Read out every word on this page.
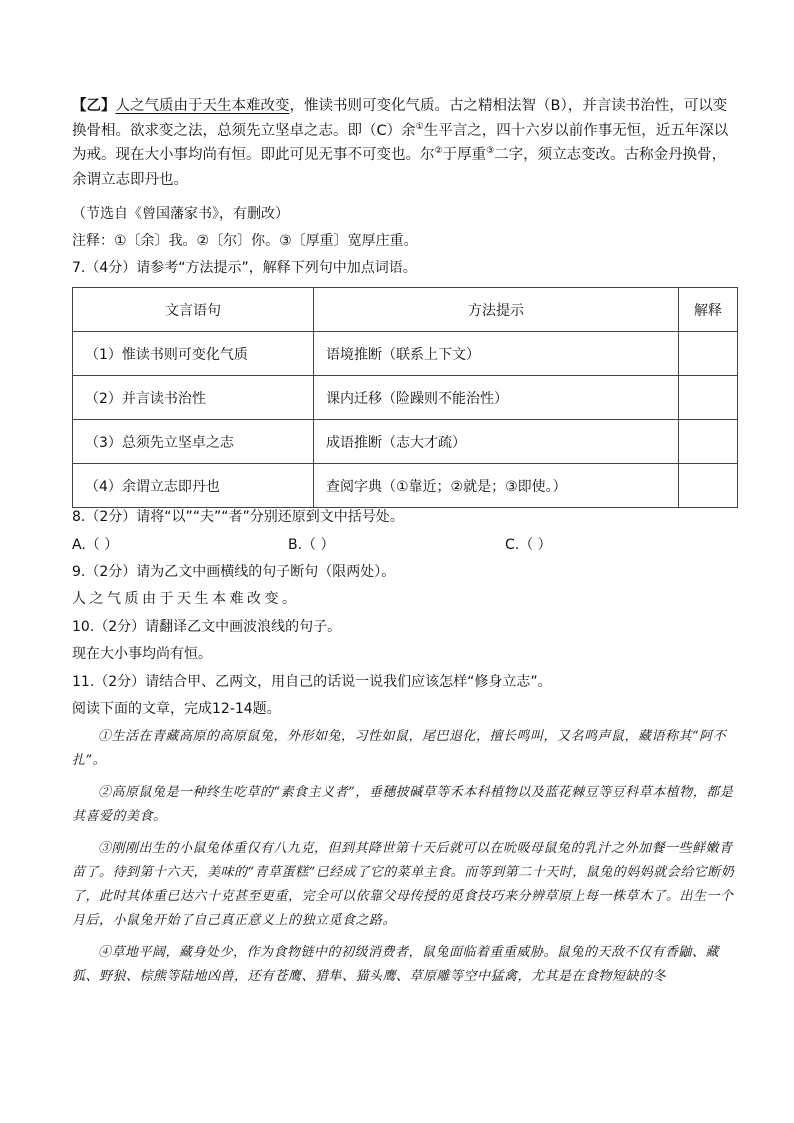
【乙】人之气质由于天生本难改变，惟读书则可变化气质。古之精相法智（B），并言读书治性，可以变换骨相。欲求变之法，总须先立坚卓之志。即（C）余①生平言之，四十六岁以前作事无恒，近五年深以为戒。现在大小事均尚有恒。即此可见无事不可变也。尔②于厚重③二字，须立志变改。古称金丹换骨，余谓立志即丹也。
（节选自《曾国藩家书》，有删改）
注释：①〔余〕我。②〔尔〕你。③〔厚重〕宽厚庄重。
7.（4分）请参考“方法提示”，解释下列句中加点词语。
文言语句	方法提示	解释
（1）惟读书则可变化气质	语境推断（联系上下文）	
（2）并言读书治性	课内迁移（险躁则不能治性）	
（3）总须先立坚卓之志	成语推断（志大才疏）	
（4）余谓立志即丹也	查阅字典（①靠近；②就是；③即使。）	
8.（2分）请将“以”“夫”“者”分别还原到文中括号处。
A.（ ）	B.（ ）	C.（ ）
9.（2分）请为乙文中画横线的句子断句（限两处）。
人之气质由于天生本难改变。
10.（2分）请翻译乙文中画波浪线的句子。
现在大小事均尚有恒。
11.（2分）请结合甲、乙两文，用自己的话说一说我们应该怎样“修身立志”。
阅读下面的文章，完成12-14题。

①生活在青藏高原的高原鼠兔，外形如兔，习性如鼠，尾巴退化，擅长鸣叫，又名鸣声鼠，藏语称其“阿不扎”。

②高原鼠兔是一种终生吃草的“素食主义者”，垂穗披碱草等禾本科植物以及蓝花棘豆等豆科草本植物，都是其喜爱的美食。

③刚刚出生的小鼠兔体重仅有八九克，但到其降世第十天后就可以在吮吸母鼠兔的乳汁之外加餐一些鲜嫩青苗了。待到第十六天，美味的“青草蛋糕”已经成了它的菜单主食。而等到第二十天时，鼠兔的妈妈就会给它断奶了，此时其体重已达六十克甚至更重，完全可以依靠父母传授的觅食技巧来分辨草原上每一株草木了。出生一个月后，小鼠兔开始了自己真正意义上的独立觅食之路。

④草地平阔，藏身处少，作为食物链中的初级消费者，鼠兔面临着重重威胁。鼠兔的天敌不仅有香鼬、藏狐、野狼、棕熊等陆地凶兽，还有苍鹰、猎隼、猫头鹰、草原雕等空中猛禽，尤其是在食物短缺的冬
